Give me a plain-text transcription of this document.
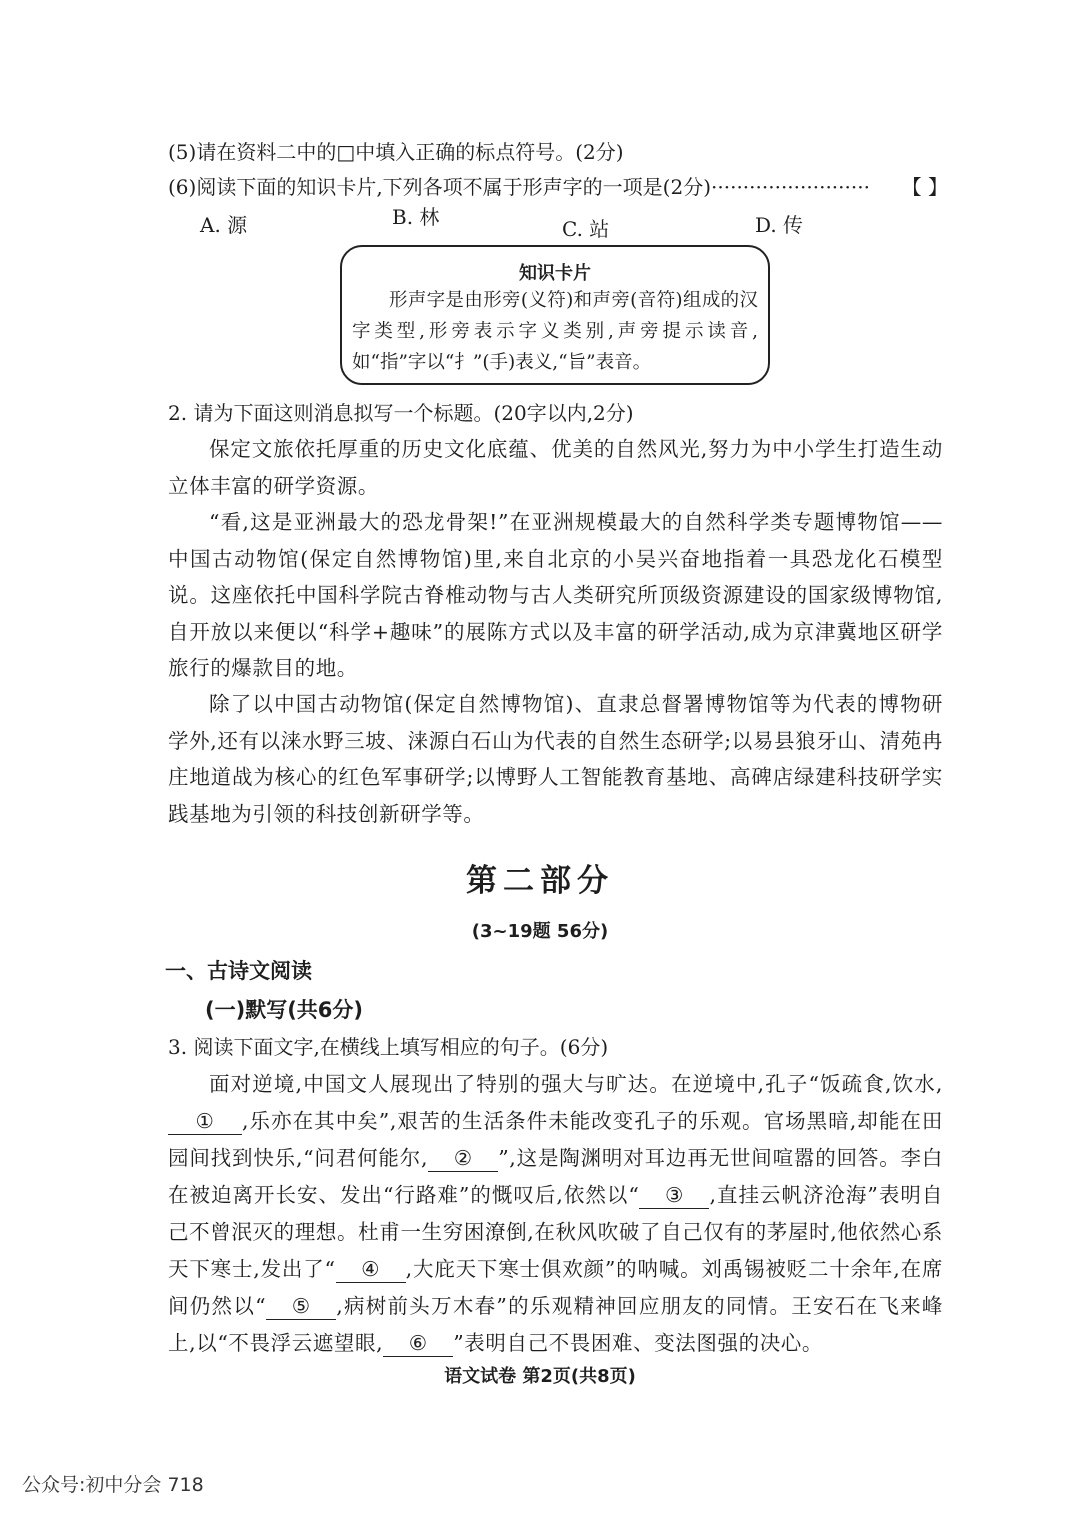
(5)请在资料二中的□中填入正确的标点符号。(2分)
(6)阅读下面的知识卡片,下列各项不属于形声字的一项是(2分)························· 【 】
A. 源	B. 林	C. 站	D. 传
知识卡片
形声字是由形旁(义符)和声旁(音符)组成的汉字类型,形旁表示字义类别,声旁提示读音,如“指”字以“扌”(手)表义,“旨”表音。
2. 请为下面这则消息拟写一个标题。(20字以内,2分)
保定文旅依托厚重的历史文化底蕴、优美的自然风光,努力为中小学生打造生动立体丰富的研学资源。
“看,这是亚洲最大的恐龙骨架!”在亚洲规模最大的自然科学类专题博物馆——中国古动物馆(保定自然博物馆)里,来自北京的小吴兴奋地指着一具恐龙化石模型说。这座依托中国科学院古脊椎动物与古人类研究所顶级资源建设的国家级博物馆,自开放以来便以“科学+趣味”的展陈方式以及丰富的研学活动,成为京津冀地区研学旅行的爆款目的地。
除了以中国古动物馆(保定自然博物馆)、直隶总督署博物馆等为代表的博物研学外,还有以涞水野三坡、涞源白石山为代表的自然生态研学;以易县狼牙山、清苑冉庄地道战为核心的红色军事研学;以博野人工智能教育基地、高碑店绿建科技研学实践基地为引领的科技创新研学等。
第二部分
(3~19题 56分)
一、古诗文阅读
(一)默写(共6分)
3. 阅读下面文字,在横线上填写相应的句子。(6分)
面对逆境,中国文人展现出了特别的强大与旷达。在逆境中,孔子“饭疏食,饮水,① ,乐亦在其中矣”,艰苦的生活条件未能改变孔子的乐观。官场黑暗,却能在田园间找到快乐,“问君何能尔, ② ”,这是陶渊明对耳边再无世间喧嚣的回答。李白在被迫离开长安、发出“行路难”的慨叹后,依然以“ ③ ,直挂云帆济沧海”表明自己不曾泯灭的理想。杜甫一生穷困潦倒,在秋风吹破了自己仅有的茅屋时,他依然心系天下寒士,发出了“ ④ ,大庇天下寒士俱欢颜”的呐喊。刘禹锡被贬二十余年,在席间仍然以“ ⑤ ,病树前头万木春”的乐观精神回应朋友的同情。王安石在飞来峰上,以“不畏浮云遮望眼, ⑥ ”表明自己不畏困难、变法图强的决心。
语文试卷 第2页(共8页)
公众号:初中分会 718
